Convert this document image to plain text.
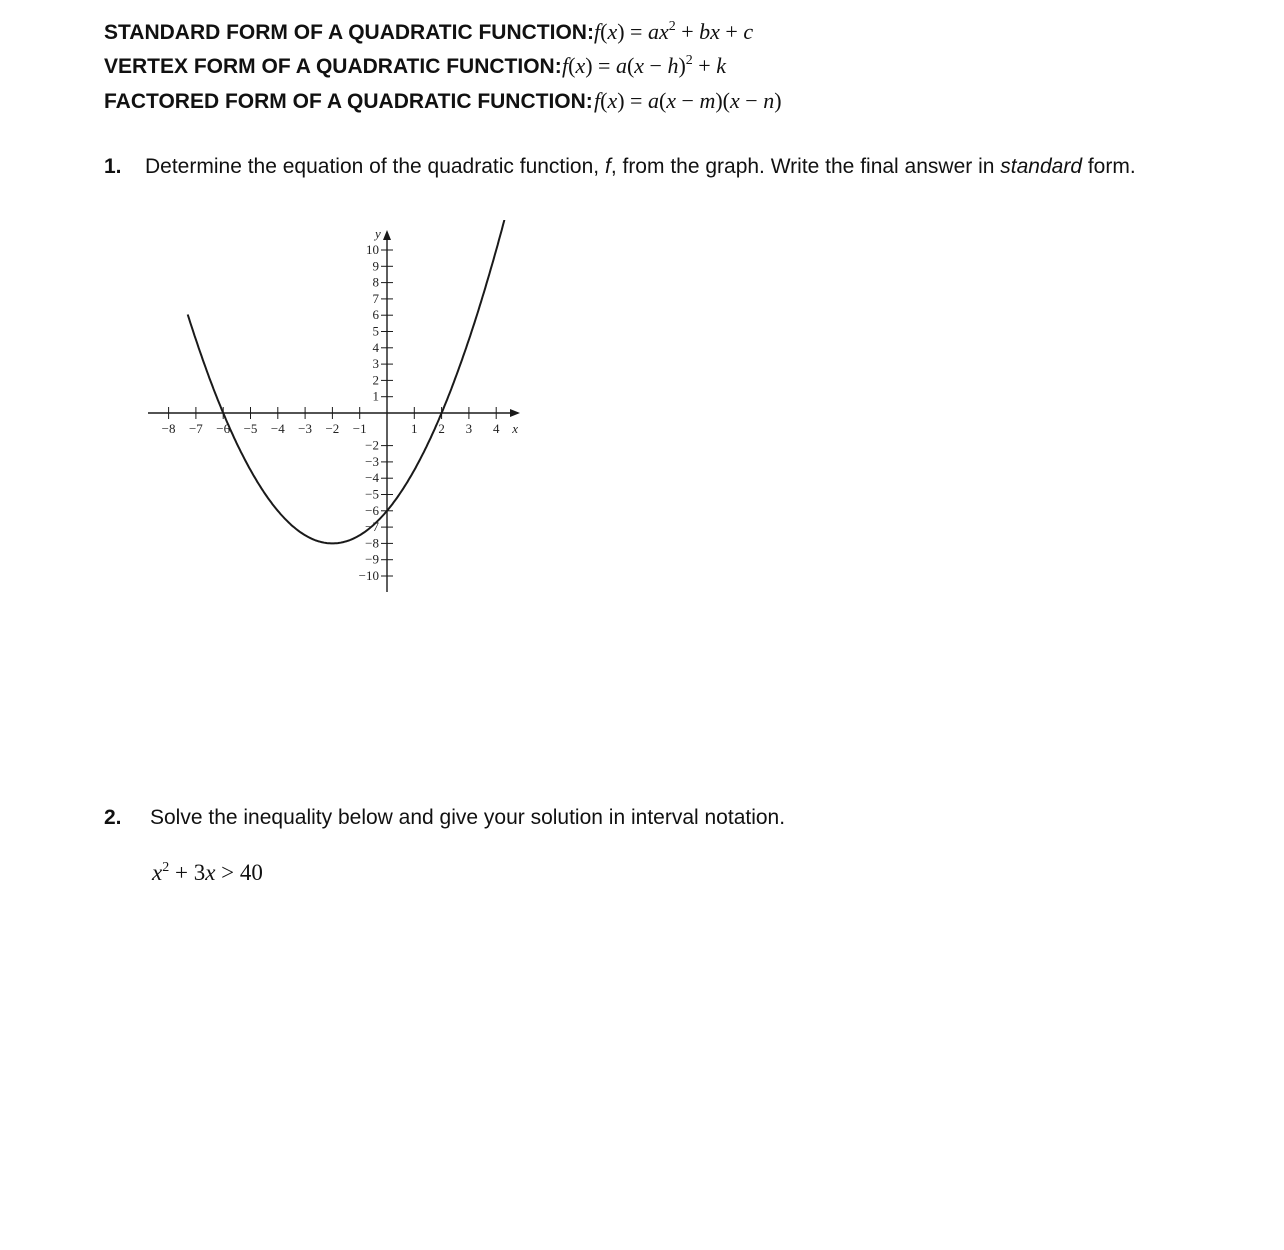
STANDARD FORM OF A QUADRATIC FUNCTION:f(x) = $ax^2$ + bx + c
VERTEX FORM OF A QUADRATIC FUNCTION:f(x) = $a(x - h)^2 + k$
FACTORED FORM OF A QUADRATIC FUNCTION:f(x) = a(x − m)(x − n)
1. Determine the equation of the quadratic function, f, from the graph. Write the final answer in standard form.
−8 −7 −6 −5 −4 −3 −2 −1	1 2 3 4
10
9
8
7
6
5
4
3
2
1
−2
−3
−4
−5
−6
−7
−8
−9
−10
x
y
2. Solve the inequality below and give your solution in interval notation.
$x^2 + 3x > 40$
